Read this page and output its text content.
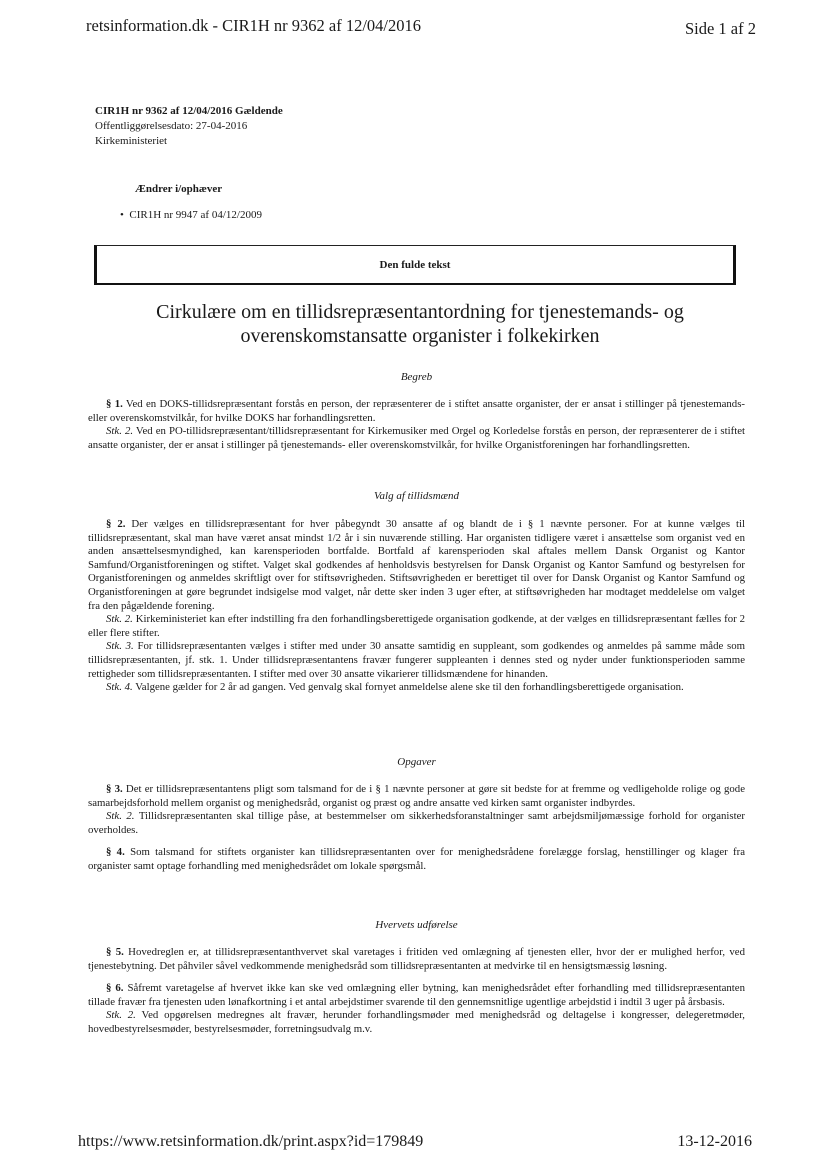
retsinformation.dk - CIR1H nr 9362 af 12/04/2016	Side 1 af 2
CIR1H nr 9362 af 12/04/2016 Gældende
Offentliggørelsesdato: 27-04-2016
Kirkeministeriet
Ændrer i/ophæver
•  CIR1H nr 9947 af 04/12/2009
Den fulde tekst
Cirkulære om en tillidsrepræsentantordning for tjenestemands- og
overenskomstansatte organister i folkekirken
Begreb

§ 1. Ved en DOKS-tillidsrepræsentant forstås en person, der repræsenterer de i stiftet ansatte organister, der er ansat i stillinger på tjenestemands- eller overenskomstvilkår, for hvilke DOKS har forhandlingsretten.

Stk. 2. Ved en PO-tillidsrepræsentant/tillidsrepræsentant for Kirkemusiker med Orgel og Korledelse forstås en person, der repræsenterer de i stiftet ansatte organister, der er ansat i stillinger på tjenestemands- eller overenskomstvilkår, for hvilke Organistforeningen har forhandlingsretten.

Valg af tillidsmænd

§ 2. Der vælges en tillidsrepræsentant for hver påbegyndt 30 ansatte af og blandt de i § 1 nævnte personer. For at kunne vælges til tillidsrepræsentant, skal man have været ansat mindst 1/2 år i sin nuværende stilling. Har organisten tidligere været i ansættelse som organist ved en anden ansættelsesmyndighed, kan karensperioden bortfalde. Bortfald af karensperioden skal aftales mellem Dansk Organist og Kantor Samfund/Organistforeningen og stiftet. Valget skal godkendes af henholdsvis bestyrelsen for Dansk Organist og Kantor Samfund og bestyrelsen for Organistforeningen og anmeldes skriftligt over for stiftsøvrigheden. Stiftsøvrigheden er berettiget til over for Dansk Organist og Kantor Samfund og Organistforeningen at gøre begrundet indsigelse mod valget, når dette sker inden 3 uger efter, at stiftsøvrigheden har modtaget meddelelse om valget fra den pågældende forening.

Stk. 2. Kirkeministeriet kan efter indstilling fra den forhandlingsberettigede organisation godkende, at der vælges en tillidsrepræsentant fælles for 2 eller flere stifter.

Stk. 3. For tillidsrepræsentanten vælges i stifter med under 30 ansatte samtidig en suppleant, som godkendes og anmeldes på samme måde som tillidsrepræsentanten, jf. stk. 1. Under tillidsrepræsentantens fravær fungerer suppleanten i dennes sted og nyder under funktionsperioden samme rettigheder som tillidsrepræsentanten. I stifter med over 30 ansatte vikarierer tillidsmændene for hinanden.

Stk. 4. Valgene gælder for 2 år ad gangen. Ved genvalg skal fornyet anmeldelse alene ske til den forhandlingsberettigede organisation.

Opgaver

§ 3. Det er tillidsrepræsentantens pligt som talsmand for de i § 1 nævnte personer at gøre sit bedste for at fremme og vedligeholde rolige og gode samarbejdsforhold mellem organist og menighedsråd, organist og præst og andre ansatte ved kirken samt organister indbyrdes.

Stk. 2. Tillidsrepræsentanten skal tillige påse, at bestemmelser om sikkerhedsforanstaltninger samt arbejdsmiljømæssige forhold for organister overholdes.

§ 4. Som talsmand for stiftets organister kan tillidsrepræsentanten over for menighedsrådene forelægge forslag, henstillinger og klager fra organister samt optage forhandling med menighedsrådet om lokale spørgsmål.

Hvervets udførelse

§ 5. Hovedreglen er, at tillidsrepræsentanthvervet skal varetages i fritiden ved omlægning af tjenesten eller, hvor der er mulighed herfor, ved tjenestebytning. Det påhviler såvel vedkommende menighedsråd som tillidsrepræsentanten at medvirke til en hensigtsmæssig løsning.

§ 6. Såfremt varetagelse af hvervet ikke kan ske ved omlægning eller bytning, kan menighedsrådet efter forhandling med tillidsrepræsentanten tillade fravær fra tjenesten uden lønafkortning i et antal arbejdstimer svarende til den gennemsnitlige ugentlige arbejdstid i indtil 3 uger på årsbasis.

Stk. 2. Ved opgørelsen medregnes alt fravær, herunder forhandlingsmøder med menighedsråd og deltagelse i kongresser, delegeretmøder, hovedbestyrelsesmøder, bestyrelsesmøder, forretningsudvalg m.v.

https://www.retsinformation.dk/print.aspx?id=179849	13-12-2016
